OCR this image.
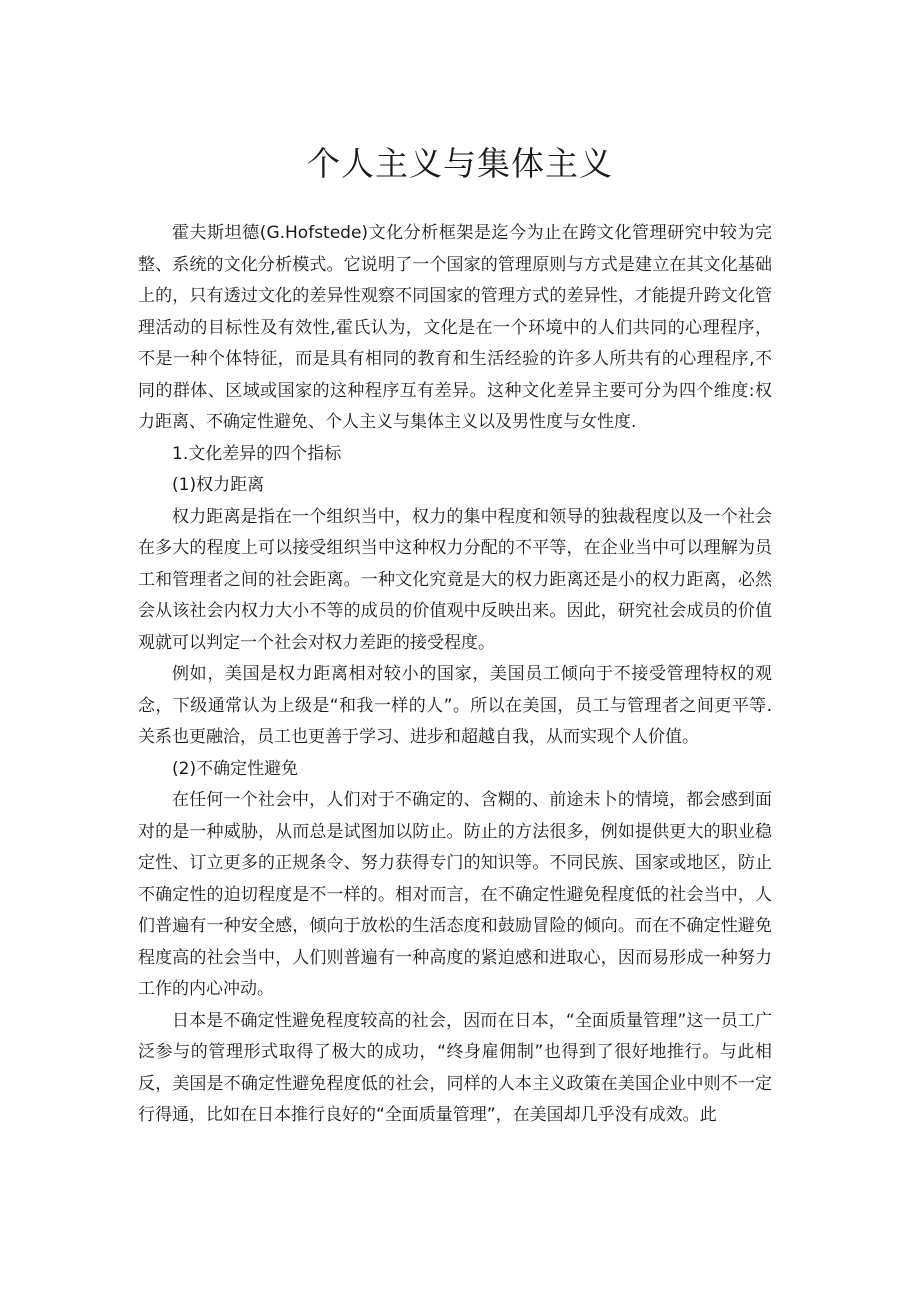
个人主义与集体主义

霍夫斯坦德(G.Hofstede)文化分析框架是迄今为止在跨文化管理研究中较为完整、系统的文化分析模式。它说明了一个国家的管理原则与方式是建立在其文化基础上的，只有透过文化的差异性观察不同国家的管理方式的差异性，才能提升跨文化管理活动的目标性及有效性,霍氏认为，文化是在一个环境中的人们共同的心理程序，不是一种个体特征，而是具有相同的教育和生活经验的许多人所共有的心理程序,不同的群体、区域或国家的这种程序互有差异。这种文化差异主要可分为四个维度:权力距离、不确定性避免、个人主义与集体主义以及男性度与女性度.

1.文化差异的四个指标

(1)权力距离

权力距离是指在一个组织当中，权力的集中程度和领导的独裁程度以及一个社会在多大的程度上可以接受组织当中这种权力分配的不平等，在企业当中可以理解为员工和管理者之间的社会距离。一种文化究竟是大的权力距离还是小的权力距离，必然会从该社会内权力大小不等的成员的价值观中反映出来。因此，研究社会成员的价值观就可以判定一个社会对权力差距的接受程度。

例如，美国是权力距离相对较小的国家，美国员工倾向于不接受管理特权的观念，下级通常认为上级是“和我一样的人”。所以在美国，员工与管理者之间更平等.关系也更融洽，员工也更善于学习、进步和超越自我，从而实现个人价值。

(2)不确定性避免

在任何一个社会中，人们对于不确定的、含糊的、前途未卜的情境，都会感到面对的是一种威胁，从而总是试图加以防止。防止的方法很多，例如提供更大的职业稳定性、订立更多的正规条令、努力获得专门的知识等。不同民族、国家或地区，防止不确定性的迫切程度是不一样的。相对而言，在不确定性避免程度低的社会当中，人们普遍有一种安全感，倾向于放松的生活态度和鼓励冒险的倾向。而在不确定性避免程度高的社会当中，人们则普遍有一种高度的紧迫感和进取心，因而易形成一种努力工作的内心冲动。

日本是不确定性避免程度较高的社会，因而在日本，“全面质量管理”这一员工广泛参与的管理形式取得了极大的成功，“终身雇佣制”也得到了很好地推行。与此相反，美国是不确定性避免程度低的社会，同样的人本主义政策在美国企业中则不一定行得通，比如在日本推行良好的“全面质量管理”，在美国却几乎没有成效。此
